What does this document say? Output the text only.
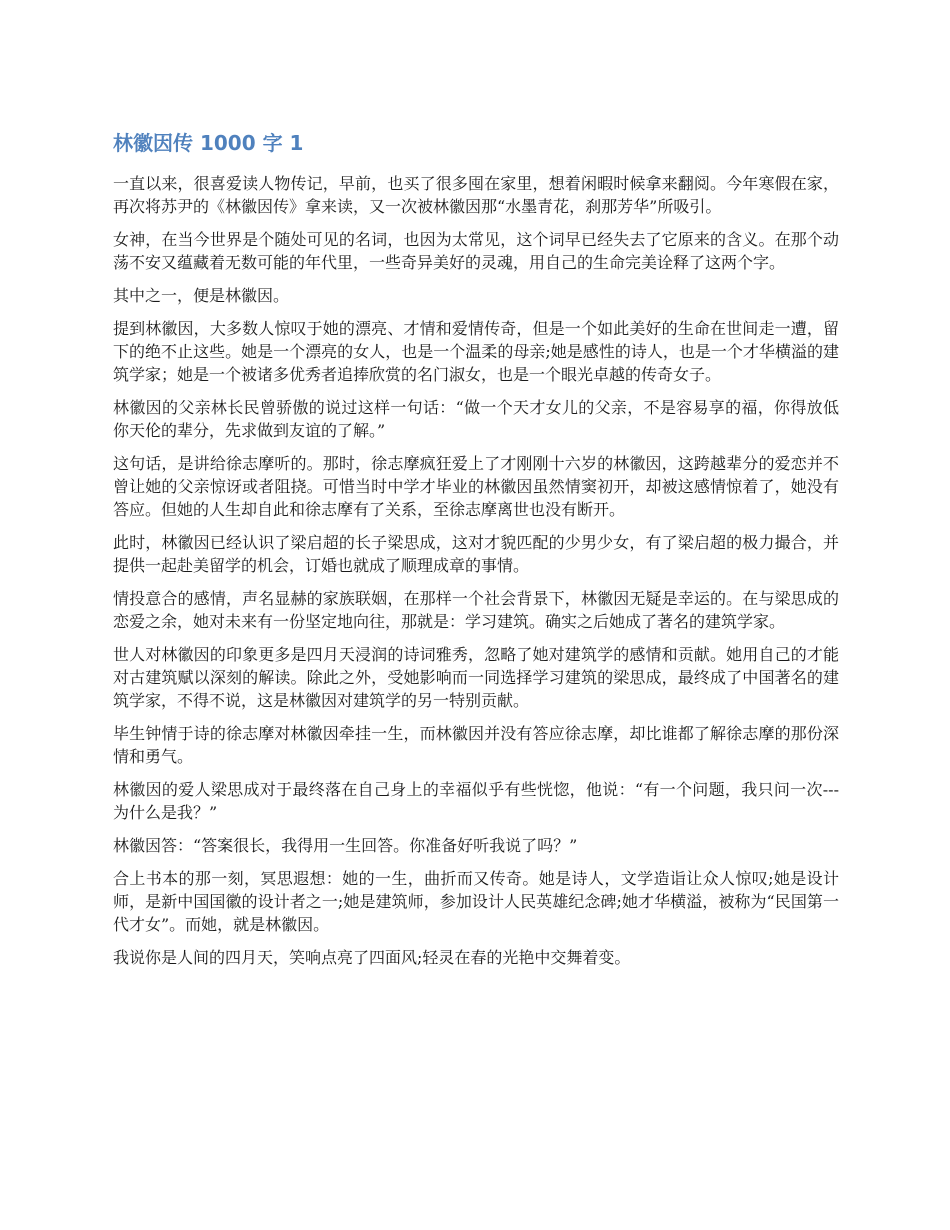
林徽因传 1000 字 1

一直以来，很喜爱读人物传记，早前，也买了很多囤在家里，想着闲暇时候拿来翻阅。今年寒假在家，再次将苏尹的《林徽因传》拿来读，又一次被林徽因那“水墨青花，刹那芳华”所吸引。

女神，在当今世界是个随处可见的名词，也因为太常见，这个词早已经失去了它原来的含义。在那个动荡不安又蕴藏着无数可能的年代里，一些奇异美好的灵魂，用自己的生命完美诠释了这两个字。

其中之一，便是林徽因。

提到林徽因，大多数人惊叹于她的漂亮、才情和爱情传奇，但是一个如此美好的生命在世间走一遭，留下的绝不止这些。她是一个漂亮的女人，也是一个温柔的母亲;她是感性的诗人，也是一个才华横溢的建筑学家；她是一个被诸多优秀者追捧欣赏的名门淑女，也是一个眼光卓越的传奇女子。

林徽因的父亲林长民曾骄傲的说过这样一句话：“做一个天才女儿的父亲，不是容易享的福，你得放低你天伦的辈分，先求做到友谊的了解。”

这句话，是讲给徐志摩听的。那时，徐志摩疯狂爱上了才刚刚十六岁的林徽因，这跨越辈分的爱恋并不曾让她的父亲惊讶或者阻挠。可惜当时中学才毕业的林徽因虽然情窦初开，却被这感情惊着了，她没有答应。但她的人生却自此和徐志摩有了关系，至徐志摩离世也没有断开。

此时，林徽因已经认识了梁启超的长子梁思成，这对才貌匹配的少男少女，有了梁启超的极力撮合，并提供一起赴美留学的机会，订婚也就成了顺理成章的事情。

情投意合的感情，声名显赫的家族联姻，在那样一个社会背景下，林徽因无疑是幸运的。在与梁思成的恋爱之余，她对未来有一份坚定地向往，那就是：学习建筑。确实之后她成了著名的建筑学家。

世人对林徽因的印象更多是四月天浸润的诗词雅秀，忽略了她对建筑学的感情和贡献。她用自己的才能对古建筑赋以深刻的解读。除此之外，受她影响而一同选择学习建筑的梁思成，最终成了中国著名的建筑学家，不得不说，这是林徽因对建筑学的另一特别贡献。

毕生钟情于诗的徐志摩对林徽因牵挂一生，而林徽因并没有答应徐志摩，却比谁都了解徐志摩的那份深情和勇气。

林徽因的爱人梁思成对于最终落在自己身上的幸福似乎有些恍惚，他说：“有一个问题，我只问一次---为什么是我？”

林徽因答：“答案很长，我得用一生回答。你准备好听我说了吗？”

合上书本的那一刻，冥思遐想：她的一生，曲折而又传奇。她是诗人，文学造诣让众人惊叹;她是设计师，是新中国国徽的设计者之一;她是建筑师，参加设计人民英雄纪念碑;她才华横溢，被称为“民国第一代才女”。而她，就是林徽因。

我说你是人间的四月天，笑响点亮了四面风;轻灵在春的光艳中交舞着变。
